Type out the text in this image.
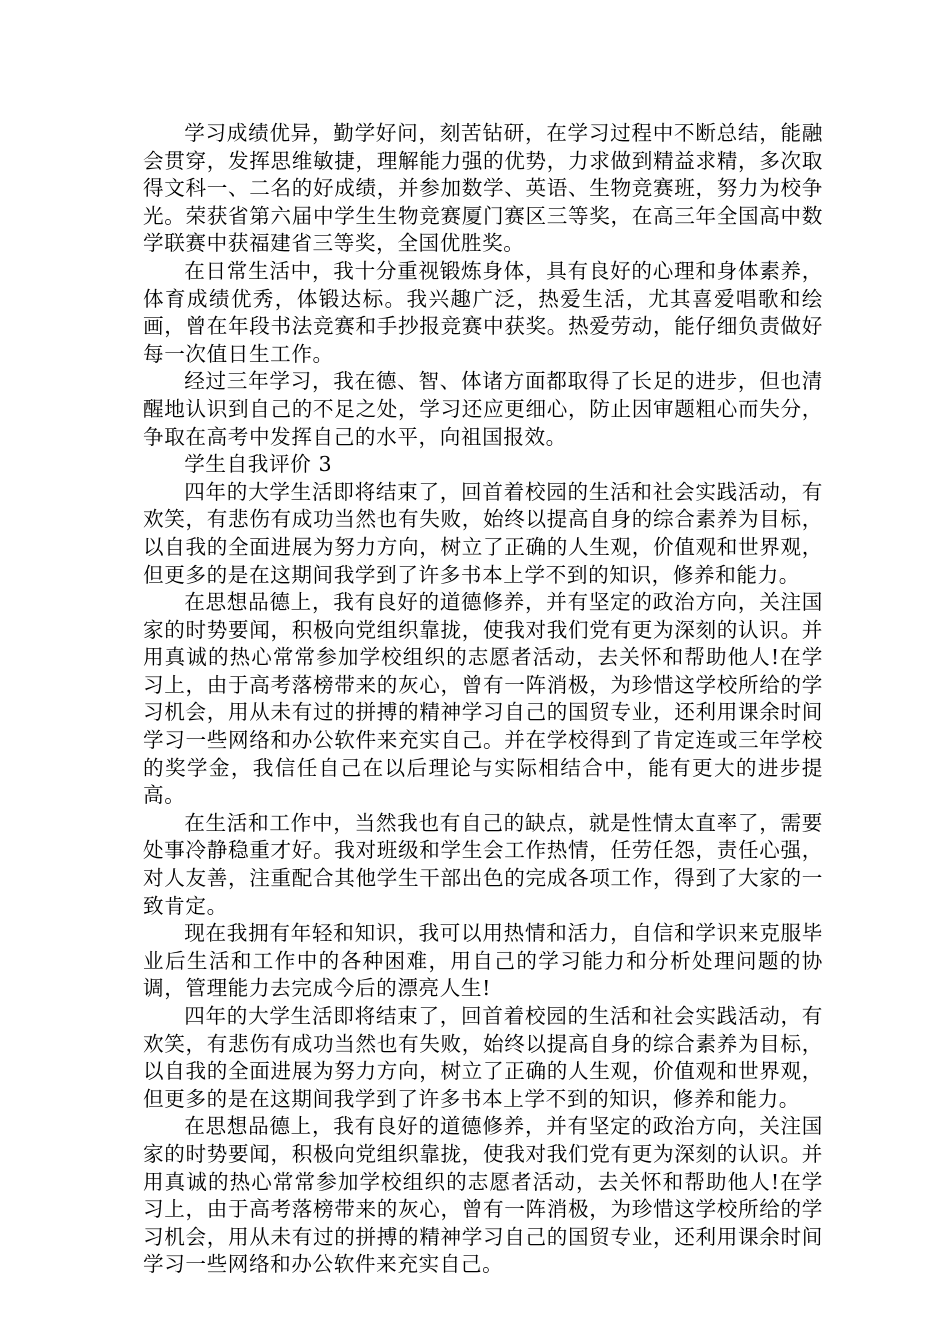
学习成绩优异，勤学好问，刻苦钻研，在学习过程中不断总结，能融会贯穿，发挥思维敏捷，理解能力强的优势，力求做到精益求精，多次取得文科一、二名的好成绩，并参加数学、英语、生物竞赛班，努力为校争光。荣获省第六届中学生生物竞赛厦门赛区三等奖，在高三年全国高中数学联赛中获福建省三等奖，全国优胜奖。

在日常生活中，我十分重视锻炼身体，具有良好的心理和身体素养，体育成绩优秀，体锻达标。我兴趣广泛，热爱生活，尤其喜爱唱歌和绘画，曾在年段书法竞赛和手抄报竞赛中获奖。热爱劳动，能仔细负责做好每一次值日生工作。

经过三年学习，我在德、智、体诸方面都取得了长足的进步，但也清醒地认识到自己的不足之处，学习还应更细心，防止因审题粗心而失分，争取在高考中发挥自己的水平，向祖国报效。

学生自我评价 3

四年的大学生活即将结束了，回首着校园的生活和社会实践活动，有欢笑，有悲伤有成功当然也有失败，始终以提高自身的综合素养为目标，以自我的全面进展为努力方向，树立了正确的人生观，价值观和世界观，但更多的是在这期间我学到了许多书本上学不到的知识，修养和能力。

在思想品德上，我有良好的道德修养，并有坚定的政治方向，关注国家的时势要闻，积极向党组织靠拢，使我对我们党有更为深刻的认识。并用真诚的热心常常参加学校组织的志愿者活动，去关怀和帮助他人!在学习上，由于高考落榜带来的灰心，曾有一阵消极，为珍惜这学校所给的学习机会，用从未有过的拼搏的精神学习自己的国贸专业，还利用课余时间学习一些网络和办公软件来充实自己。并在学校得到了肯定连或三年学校的奖学金，我信任自己在以后理论与实际相结合中，能有更大的进步提高。

在生活和工作中，当然我也有自己的缺点，就是性情太直率了，需要处事冷静稳重才好。我对班级和学生会工作热情，任劳任怨，责任心强，对人友善，注重配合其他学生干部出色的完成各项工作，得到了大家的一致肯定。

现在我拥有年轻和知识，我可以用热情和活力，自信和学识来克服毕业后生活和工作中的各种困难，用自己的学习能力和分析处理问题的协调，管理能力去完成今后的漂亮人生!

四年的大学生活即将结束了，回首着校园的生活和社会实践活动，有欢笑，有悲伤有成功当然也有失败，始终以提高自身的综合素养为目标，以自我的全面进展为努力方向，树立了正确的人生观，价值观和世界观，但更多的是在这期间我学到了许多书本上学不到的知识，修养和能力。

在思想品德上，我有良好的道德修养，并有坚定的政治方向，关注国家的时势要闻，积极向党组织靠拢，使我对我们党有更为深刻的认识。并用真诚的热心常常参加学校组织的志愿者活动，去关怀和帮助他人!在学习上，由于高考落榜带来的灰心，曾有一阵消极，为珍惜这学校所给的学习机会，用从未有过的拼搏的精神学习自己的国贸专业，还利用课余时间学习一些网络和办公软件来充实自己。
